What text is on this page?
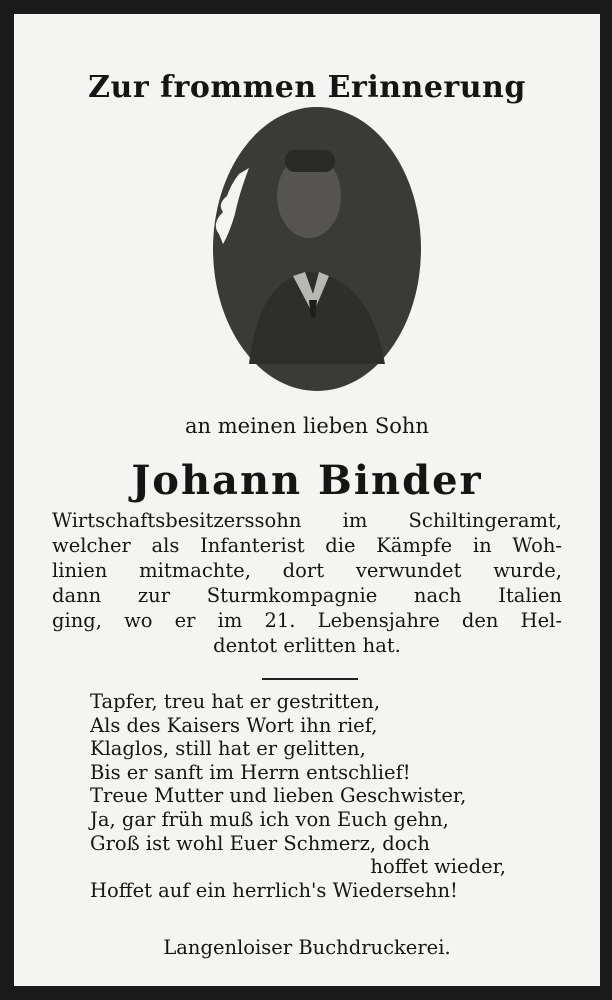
Zur frommen Erinnerung
an meinen lieben Sohn
Johann Binder
Wirtschaftsbesitzerssohn im Schiltingeramt,
welcher als Infanterist die Kämpfe in Woh-
linien mitmachte, dort verwundet wurde,
dann zur Sturmkompagnie nach Italien
ging, wo er im 21. Lebensjahre den Hel-
dentot erlitten hat.
Tapfer, treu hat er gestritten,
Als des Kaisers Wort ihn rief,
Klaglos, still hat er gelitten,
Bis er sanft im Herrn entschlief!
Treue Mutter und lieben Geschwister,
Ja, gar früh muß ich von Euch gehn,
Groß ist wohl Euer Schmerz, doch
hoffet wieder,
Hoffet auf ein herrlich's Wiedersehn!
Langenloiser Buchdruckerei.
